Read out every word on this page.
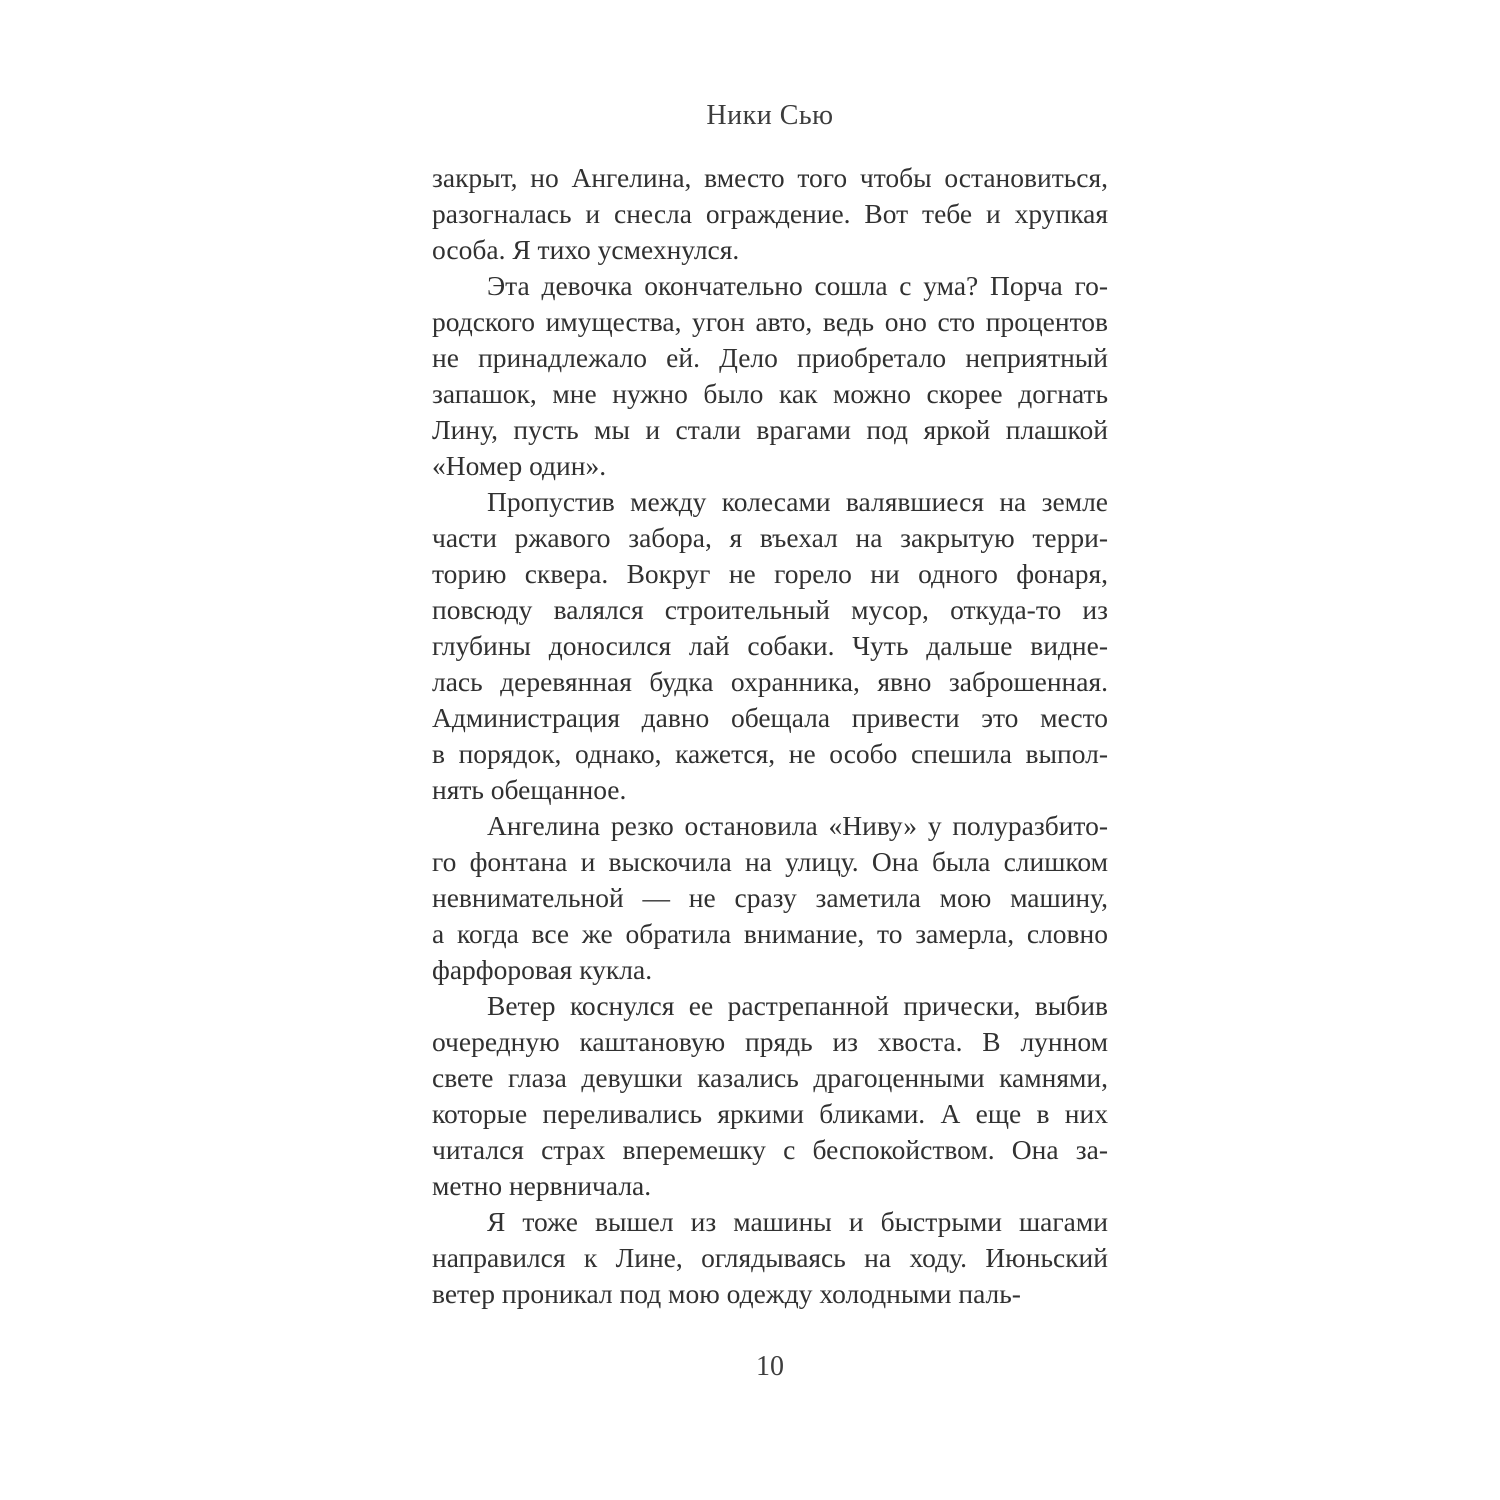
Ники Сью
закрыт, но Ангелина, вместо того чтобы остановиться,
разогналась и снесла ограждение. Вот тебе и хрупкая
особа. Я тихо усмехнулся.
Эта девочка окончательно сошла с ума? Порча го-
родского имущества, угон авто, ведь оно сто процентов
не принадлежало ей. Дело приобретало неприятный
запашок, мне нужно было как можно скорее догнать
Лину, пусть мы и стали врагами под яркой плашкой
«Номер один».
Пропустив между колесами валявшиеся на земле
части ржавого забора, я въехал на закрытую терри-
торию сквера. Вокруг не горело ни одного фонаря,
повсюду валялся строительный мусор, откуда-то из
глубины доносился лай собаки. Чуть дальше видне-
лась деревянная будка охранника, явно заброшенная.
Администрация давно обещала привести это место
в порядок, однако, кажется, не особо спешила выпол-
нять обещанное.
Ангелина резко остановила «Ниву» у полуразбито-
го фонтана и выскочила на улицу. Она была слишком
невнимательной — не сразу заметила мою машину,
а когда все же обратила внимание, то замерла, словно
фарфоровая кукла.
Ветер коснулся ее растрепанной прически, выбив
очередную каштановую прядь из хвоста. В лунном
свете глаза девушки казались драгоценными камнями,
которые переливались яркими бликами. А еще в них
читался страх вперемешку с беспокойством. Она за-
метно нервничала.
Я тоже вышел из машины и быстрыми шагами
направился к Лине, оглядываясь на ходу. Июньский
ветер проникал под мою одежду холодными паль-
10
